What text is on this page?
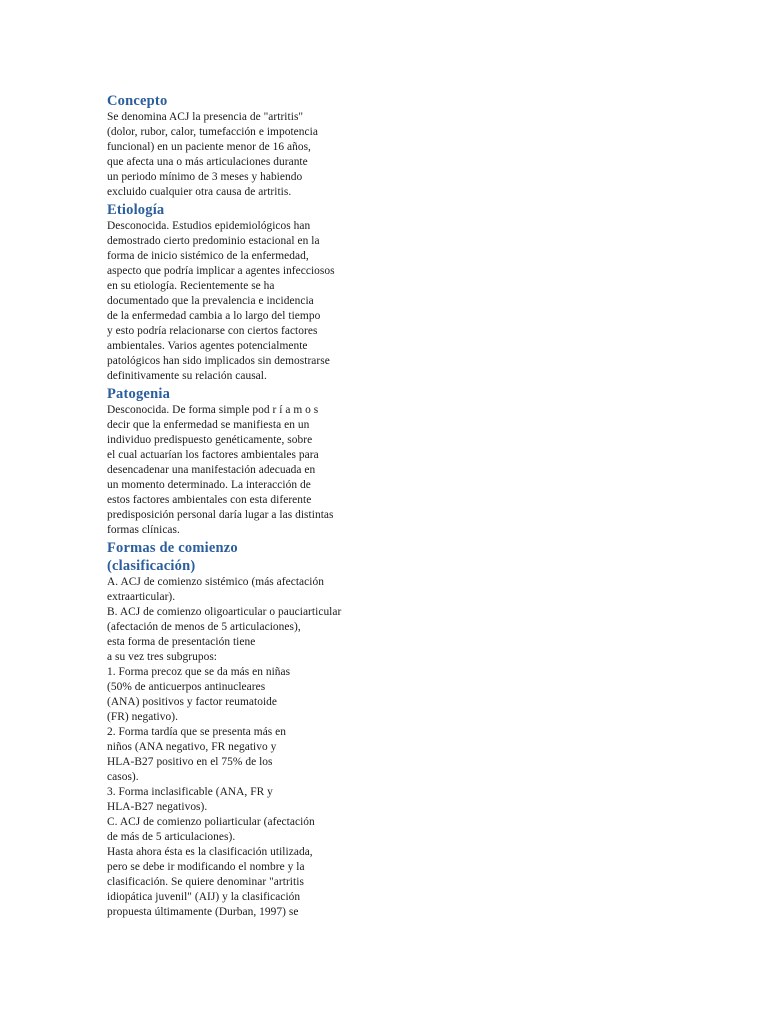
Concepto
Se denomina ACJ la presencia de "artritis"
(dolor, rubor, calor, tumefacción e impotencia
funcional) en un paciente menor de 16 años,
que afecta una o más articulaciones durante
un periodo mínimo de 3 meses y habiendo
excluido cualquier otra causa de artritis.
Etiología
Desconocida. Estudios epidemiológicos han
demostrado cierto predominio estacional en la
forma de inicio sistémico de la enfermedad,
aspecto que podría implicar a agentes infecciosos
en su etiología. Recientemente se ha
documentado que la prevalencia e incidencia
de la enfermedad cambia a lo largo del tiempo
y esto podría relacionarse con ciertos factores
ambientales. Varios agentes potencialmente
patológicos han sido implicados sin demostrarse
definitivamente su relación causal.
Patogenia
Desconocida. De forma simple pod r í a m o s
decir que la enfermedad se manifiesta en un
individuo predispuesto genéticamente, sobre
el cual actuarían los factores ambientales para
desencadenar una manifestación adecuada en
un momento determinado. La interacción de
estos factores ambientales con esta diferente
predisposición personal daría lugar a las distintas
formas clínicas.
Formas de comienzo
(clasificación)
A. ACJ de comienzo sistémico (más afectación
extraarticular).
B. ACJ de comienzo oligoarticular o pauciarticular
(afectación de menos de 5 articulaciones),
esta forma de presentación tiene
a su vez tres subgrupos:
1. Forma precoz que se da más en niñas
(50% de anticuerpos antinucleares
(ANA) positivos y factor reumatoide
(FR) negativo).
2. Forma tardía que se presenta más en
niños (ANA negativo, FR negativo y
HLA-B27 positivo en el 75% de los
casos).
3. Forma inclasificable (ANA, FR y
HLA-B27 negativos).
C. ACJ de comienzo poliarticular (afectación
de más de 5 articulaciones).
Hasta ahora ésta es la clasificación utilizada,
pero se debe ir modificando el nombre y la
clasificación. Se quiere denominar "artritis
idiopática juvenil" (AIJ) y la clasificación
propuesta últimamente (Durban, 1997) se
